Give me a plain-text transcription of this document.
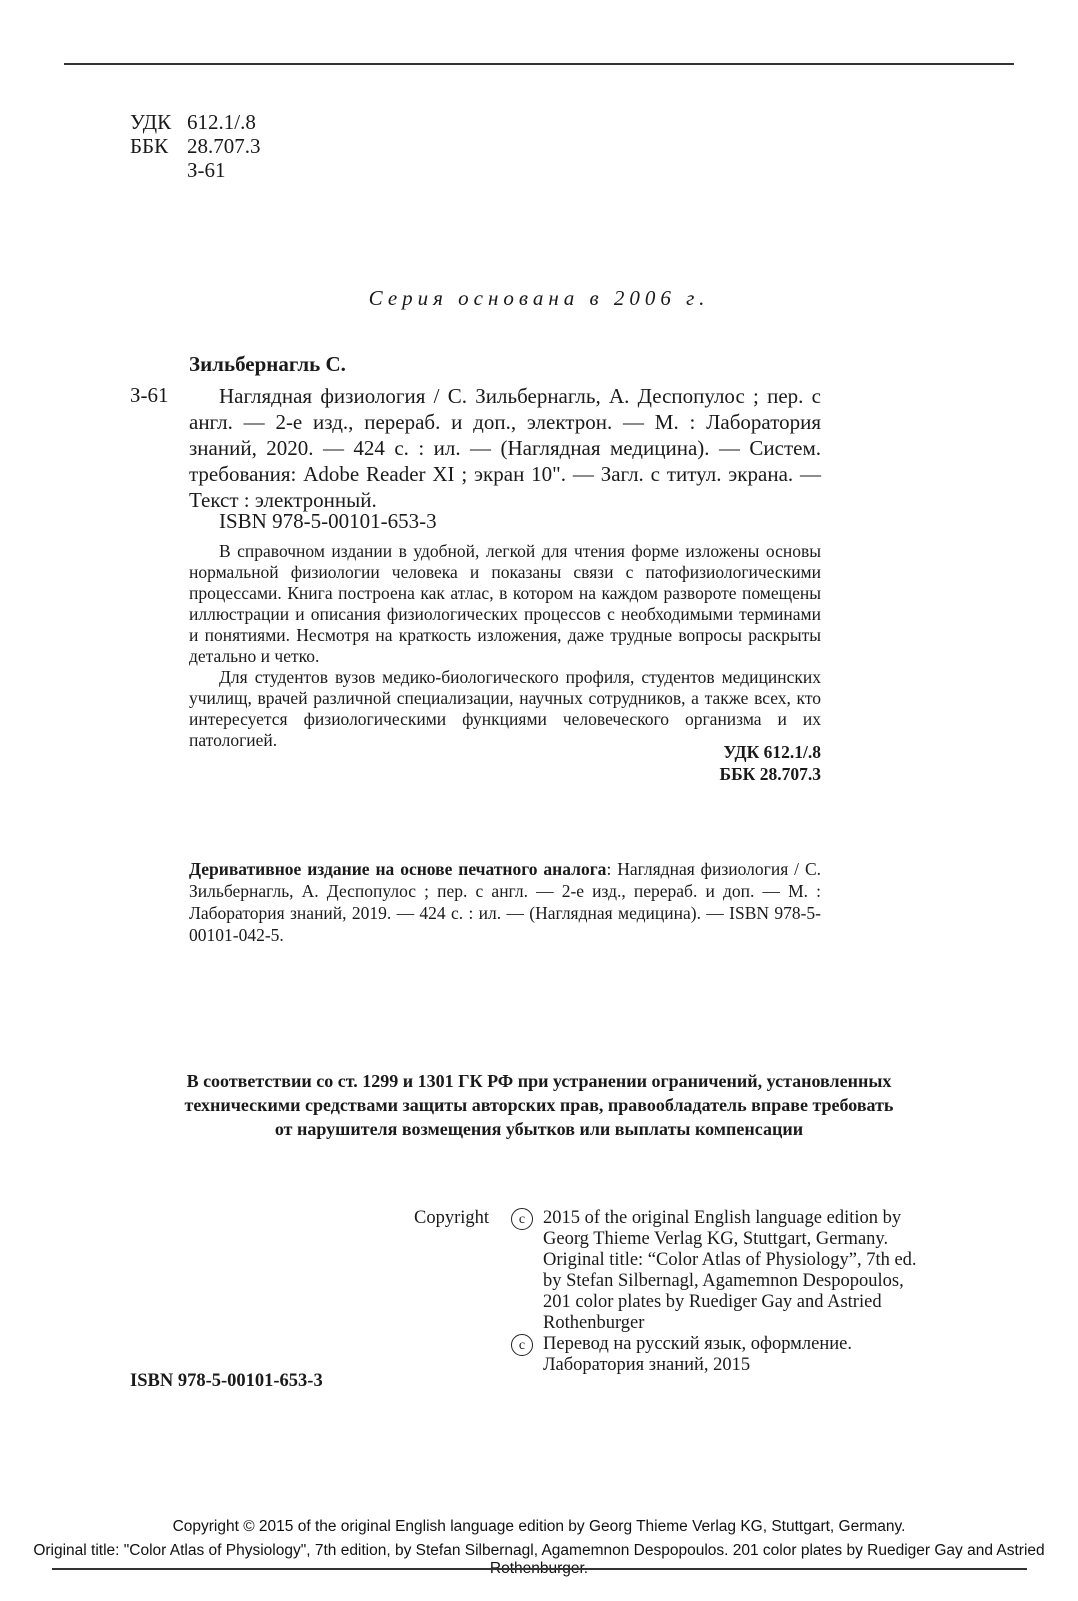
УДК 612.1/.8
ББК 28.707.3
З-61
Серия основана в 2006 г.
Зильбернагль С.
З-61	Наглядная физиология / С. Зильбернагль, А. Деспопулос ; пер. с англ. — 2-е изд., перераб. и доп., электрон. — М. : Лаборатория знаний, 2020. — 424 с. : ил. — (Наглядная медицина). — Систем. требования: Adobe Reader XI ; экран 10". — Загл. с титул. экрана. — Текст : электронный.
ISBN 978-5-00101-653-3

В справочном издании в удобной, легкой для чтения форме изложены основы нормальной физиологии человека и показаны связи с патофизиологическими процессами. Книга построена как атлас, в котором на каждом развороте помещены иллюстрации и описания физиологических процессов с необходимыми терминами и понятиями. Несмотря на краткость изложения, даже трудные вопросы раскрыты детально и четко.

Для студентов вузов медико-биологического профиля, студентов медицинских училищ, врачей различной специализации, научных сотрудников, а также всех, кто интересуется физиологическими функциями человеческого организма и их патологией.

УДК 612.1/.8
ББК 28.707.3
Деривативное издание на основе печатного аналога: Наглядная физиология / С. Зильбернагль, А. Деспопулос ; пер. с англ. — 2-е изд., перераб. и доп. — М. : Лаборатория знаний, 2019. — 424 с. : ил. — (Наглядная медицина). — ISBN 978-5-00101-042-5.
В соответствии со ст. 1299 и 1301 ГК РФ при устранении ограничений, установленных
техническими средствами защиты авторских прав, правообладатель вправе требовать
от нарушителя возмещения убытков или выплаты компенсации
Copyright	c 2015 of the original English language edition by Georg Thieme Verlag KG, Stuttgart, Germany. Original title: “Color Atlas of Physiology”, 7th ed. by Stefan Silbernagl, Agamemnon Despopoulos, 201 color plates by Ruediger Gay and Astried Rothenburger
c Перевод на русский язык, оформление. Лаборатория знаний, 2015
ISBN 978-5-00101-653-3
Copyright © 2015 of the original English language edition by Georg Thieme Verlag KG, Stuttgart, Germany.
Original title: "Color Atlas of Physiology", 7th edition, by Stefan Silbernagl, Agamemnon Despopoulos. 201 color plates by Ruediger Gay and Astried Rothenburger.
